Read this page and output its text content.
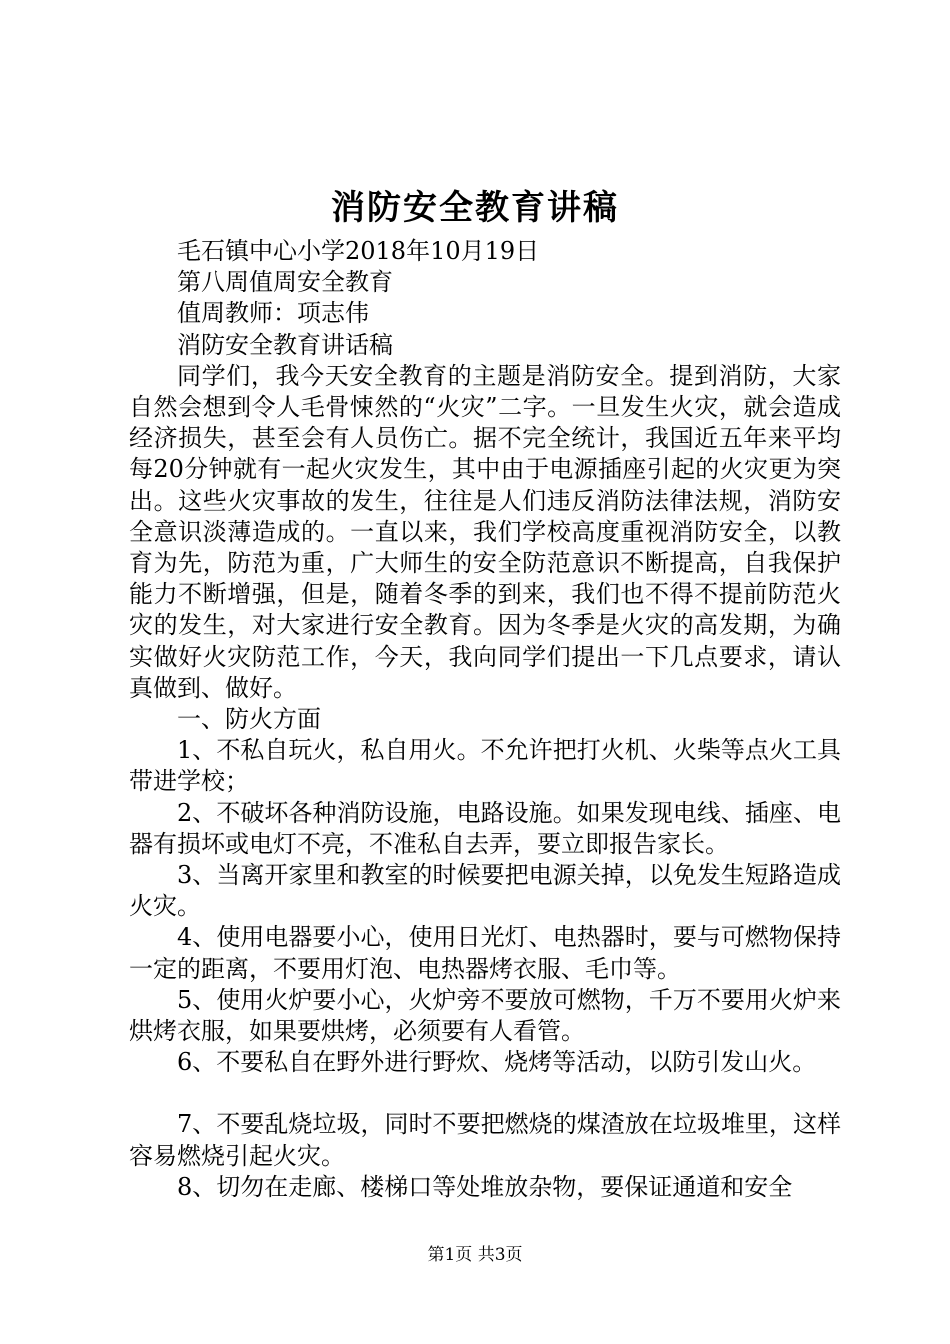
消防安全教育讲稿

毛石镇中心小学2018年10月19日

第八周值周安全教育

值周教师：项志伟

消防安全教育讲话稿

同学们，我今天安全教育的主题是消防安全。提到消防，大家自然会想到令人毛骨悚然的“火灾”二字。一旦发生火灾，就会造成经济损失，甚至会有人员伤亡。据不完全统计，我国近五年来平均每20分钟就有一起火灾发生，其中由于电源插座引起的火灾更为突出。这些火灾事故的发生，往往是人们违反消防法律法规，消防安全意识淡薄造成的。一直以来，我们学校高度重视消防安全，以教育为先，防范为重，广大师生的安全防范意识不断提高，自我保护能力不断增强，但是，随着冬季的到来，我们也不得不提前防范火灾的发生，对大家进行安全教育。因为冬季是火灾的高发期，为确实做好火灾防范工作，今天，我向同学们提出一下几点要求，请认真做到、做好。

一、防火方面

1、不私自玩火，私自用火。不允许把打火机、火柴等点火工具带进学校；

2、不破坏各种消防设施，电路设施。如果发现电线、插座、电器有损坏或电灯不亮，不准私自去弄，要立即报告家长。

3、当离开家里和教室的时候要把电源关掉，以免发生短路造成火灾。

4、使用电器要小心，使用日光灯、电热器时，要与可燃物保持一定的距离，不要用灯泡、电热器烤衣服、毛巾等。

5、使用火炉要小心，火炉旁不要放可燃物，千万不要用火炉来烘烤衣服，如果要烘烤，必须要有人看管。

6、不要私自在野外进行野炊、烧烤等活动，以防引发山火。

7、不要乱烧垃圾，同时不要把燃烧的煤渣放在垃圾堆里，这样容易燃烧引起火灾。

8、切勿在走廊、楼梯口等处堆放杂物，要保证通道和安全

第1页 共3页
